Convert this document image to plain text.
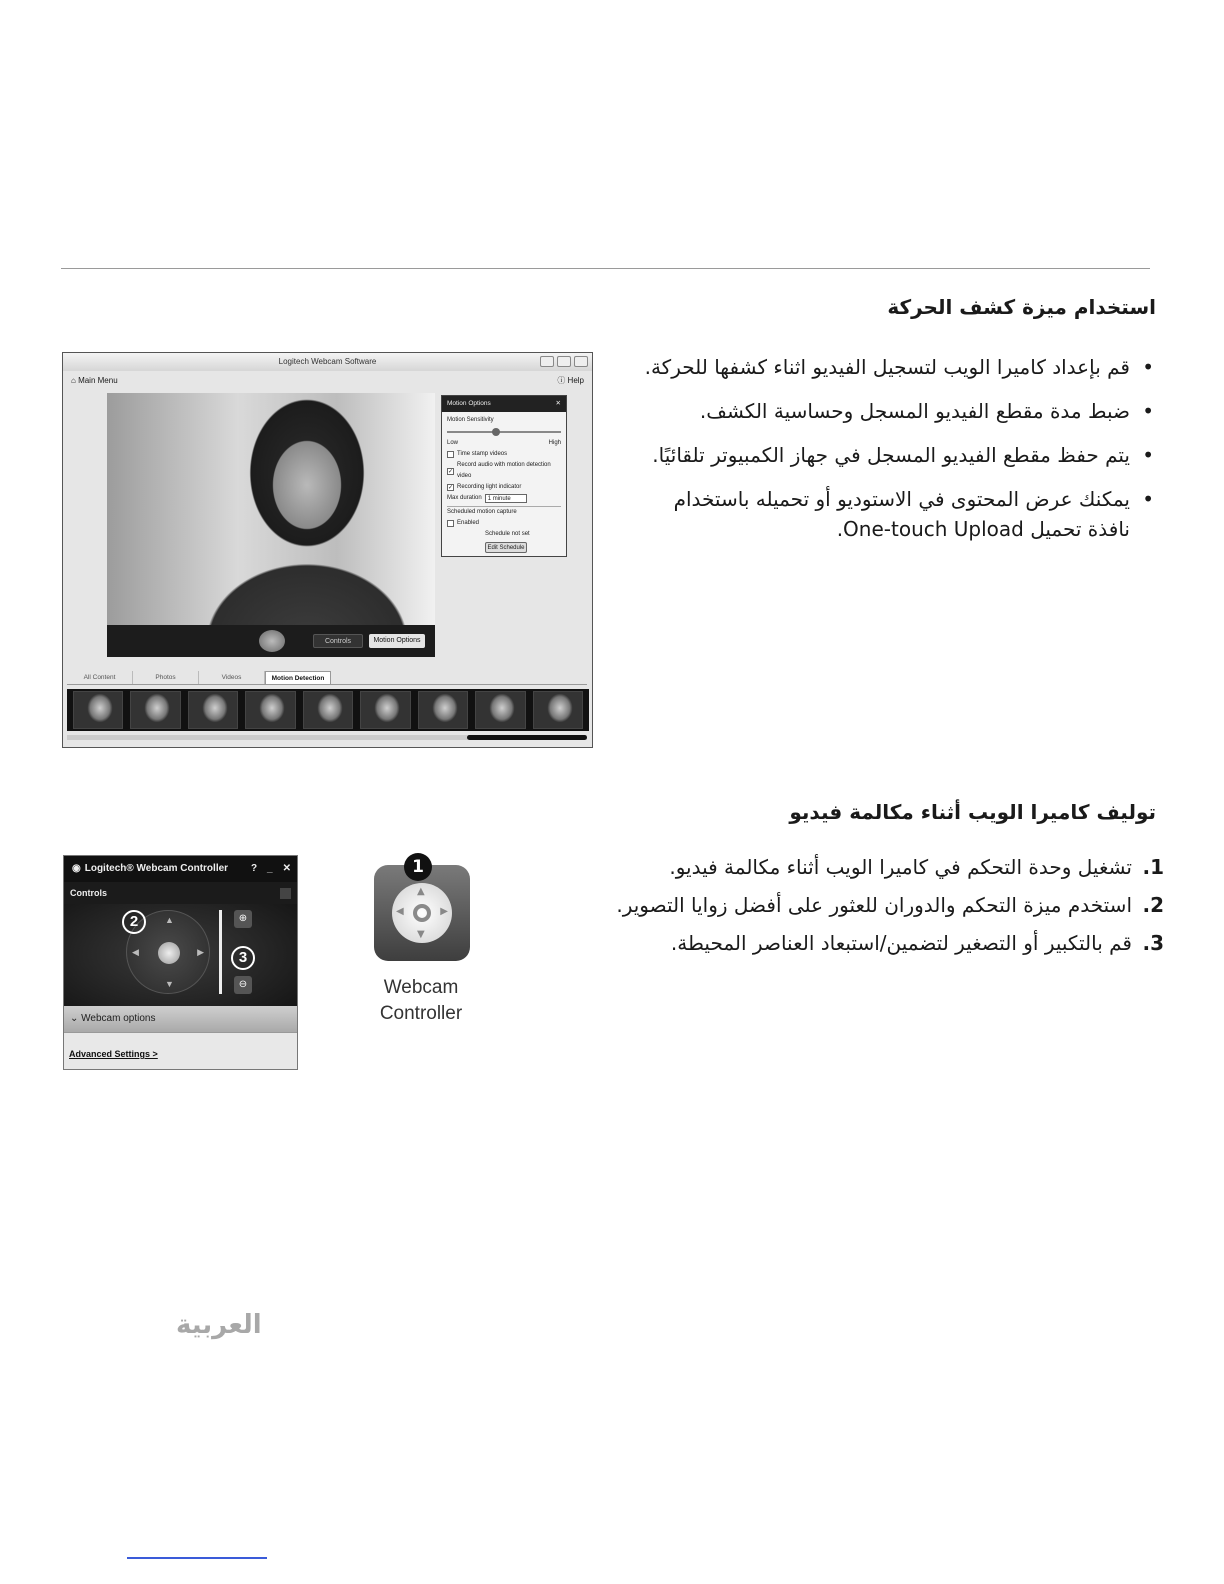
استخدام ميزة كشف الحركة
• قم بإعداد كاميرا الويب لتسجيل الفيديو اثناء كشفها للحركة.
• ضبط مدة مقطع الفيديو المسجل وحساسية الكشف.
• يتم حفظ مقطع الفيديو المسجل في جهاز الكمبيوتر تلقائيًا.
• يمكنك عرض المحتوى في الاستوديو أو تحميله باستخدام نافذة تحميل One-touch Upload.
Logitech Webcam Software
⌂ Main Menu	ⓘ Help
Controls	Motion Options
Motion Options	✕
Motion Sensitivity
Low	High
Time stamp videos
✓
Record audio with motion detection video
✓ Recording light indicator
Max duration	1 minute
Scheduled motion capture
Enabled
Schedule not set
Edit Schedule
All Content	Photos	Videos	Motion Detection
توليف كاميرا الويب أثناء مكالمة فيديو
1.
تشغيل وحدة التحكم في كاميرا الويب أثناء مكالمة فيديو.
2.
استخدم ميزة التحكم والدوران للعثور على أفضل زوايا التصوير.
3.
قم بالتكبير أو التصغير لتضمين/استبعاد العناصر المحيطة.
◉ Logitech® Webcam Controller	? _ ✕
Controls
▲
▼
◀	▶
2	⊕
3
⊖
⌄ Webcam options
Advanced Settings >
▲
▼
◀	▶
1
Webcam
Controller
العربية
